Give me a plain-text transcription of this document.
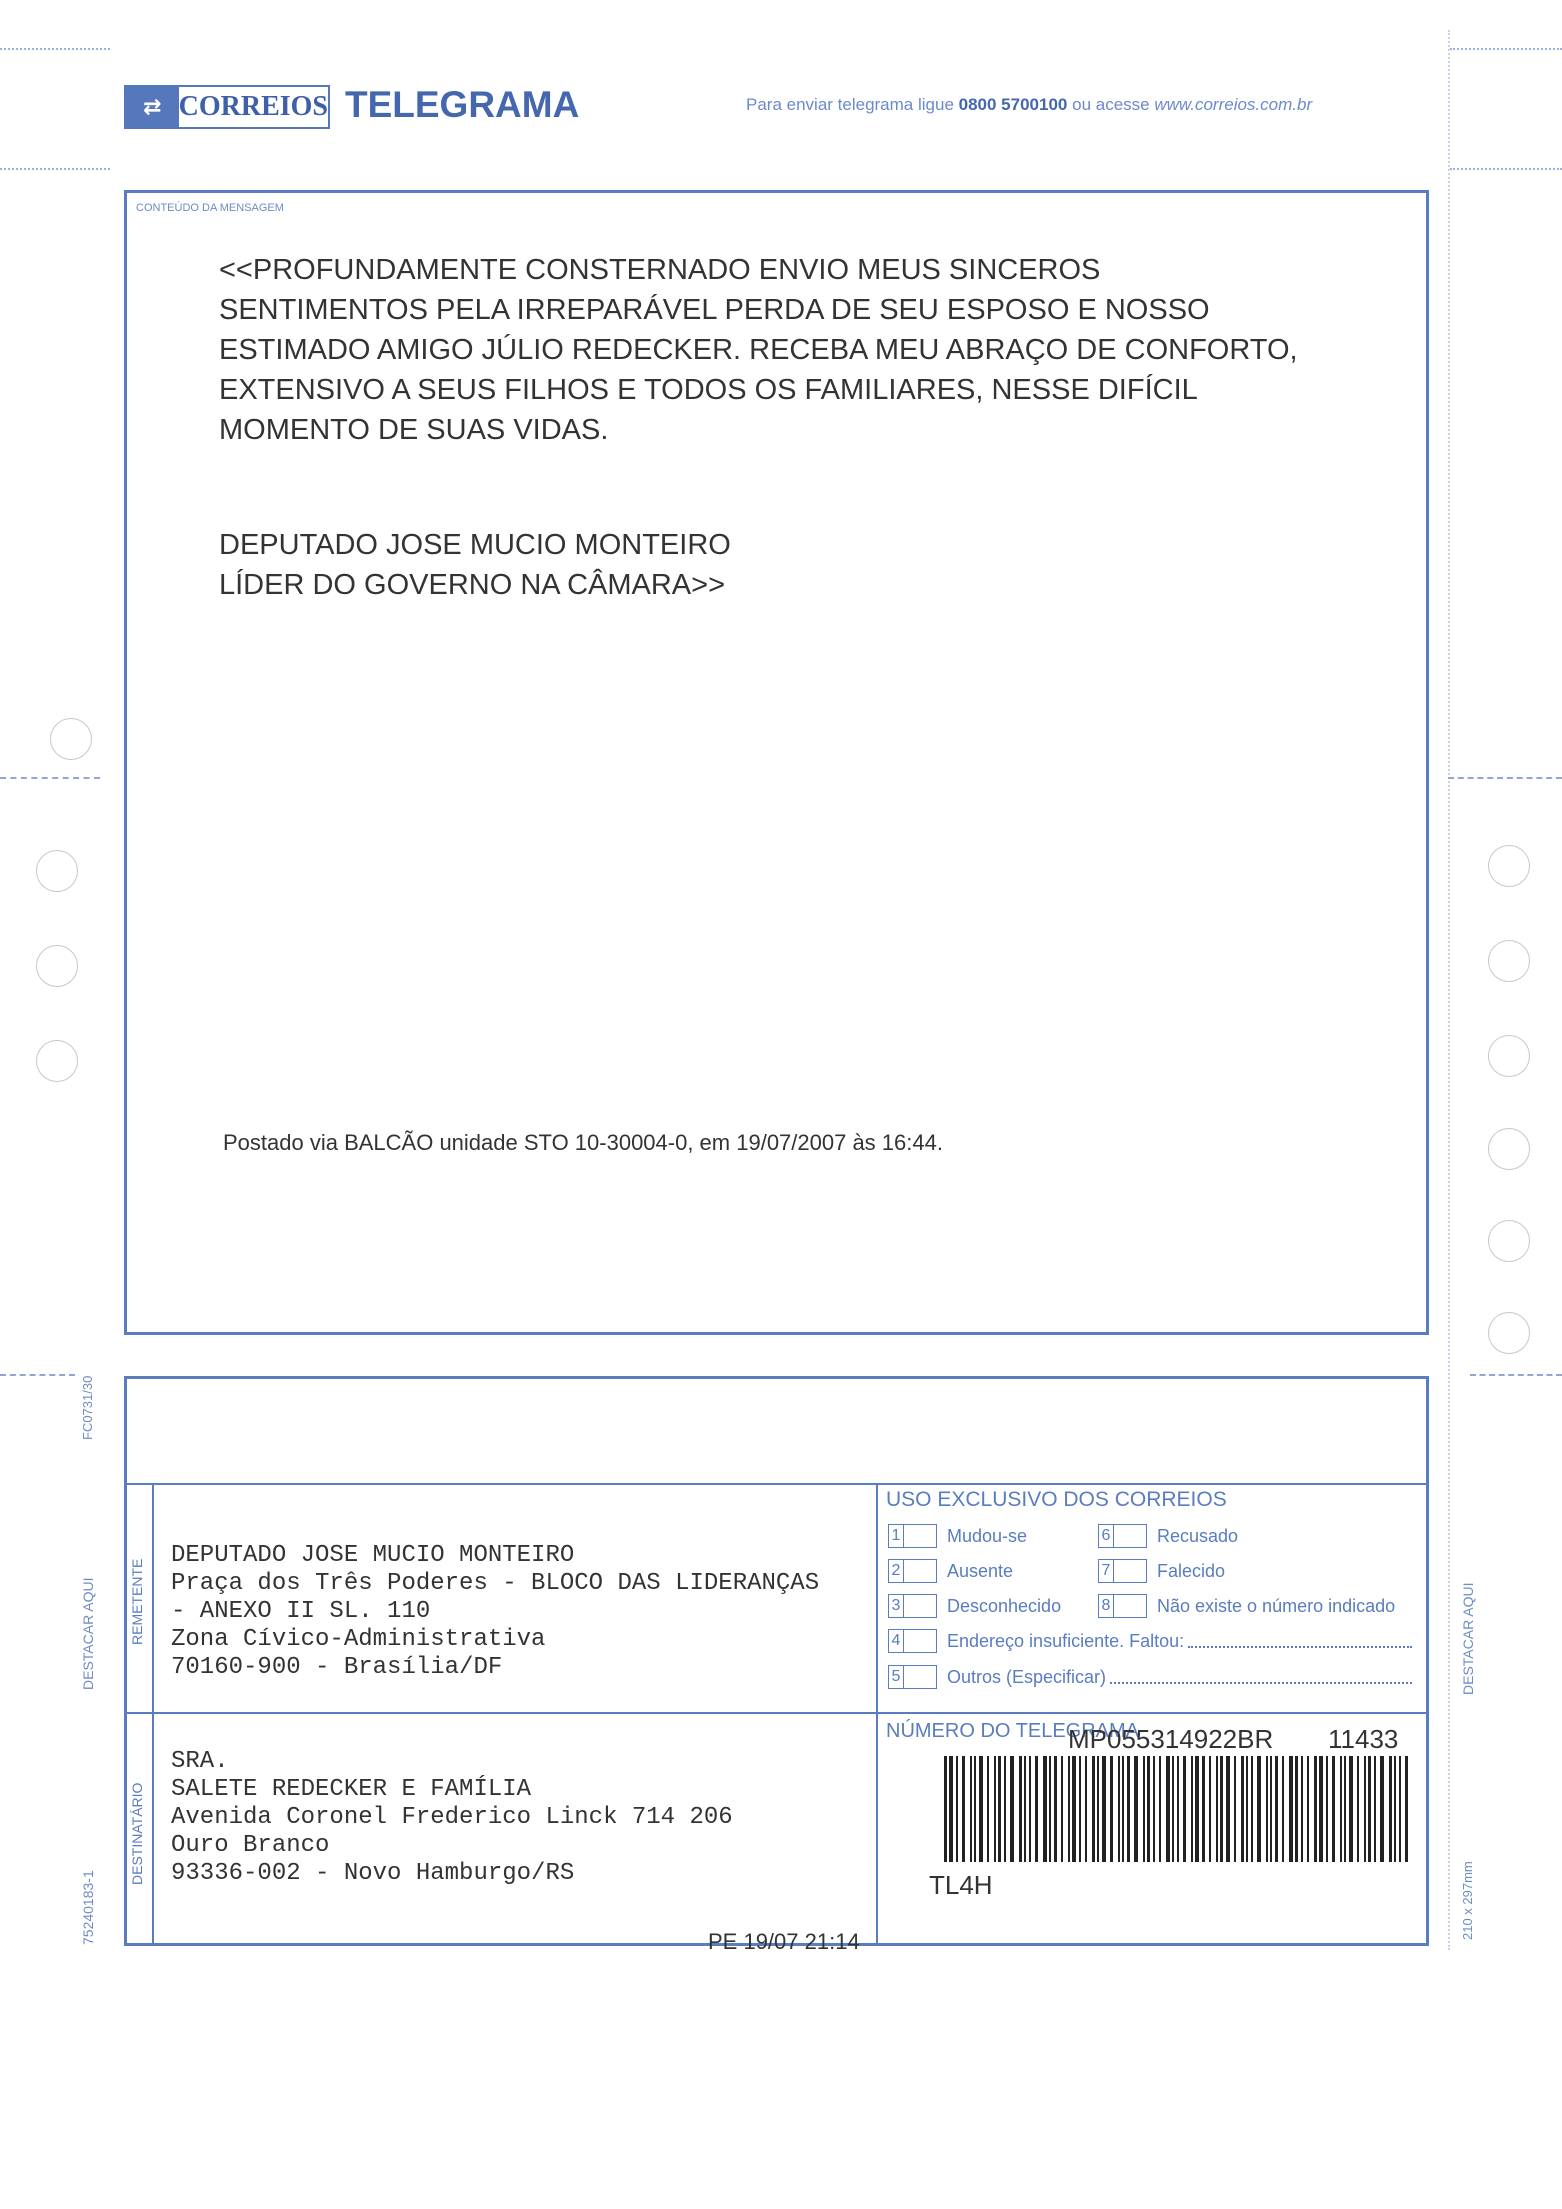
FC0731/30
DESTACAR AQUI
75240183-1
DESTACAR AQUI
210 x 297mm
⇄ CORREIOS TELEGRAMA	Para enviar telegrama ligue 0800 5700100 ou acesse www.correios.com.br
CONTEÚDO DA MENSAGEM
<<PROFUNDAMENTE CONSTERNADO ENVIO MEUS SINCEROS
SENTIMENTOS PELA IRREPARÁVEL PERDA DE SEU ESPOSO E NOSSO
ESTIMADO AMIGO JÚLIO REDECKER. RECEBA MEU ABRAÇO DE CONFORTO,
EXTENSIVO A SEUS FILHOS E TODOS OS FAMILIARES, NESSE DIFÍCIL
MOMENTO DE SUAS VIDAS.
DEPUTADO JOSE MUCIO MONTEIRO
LÍDER DO GOVERNO NA CÂMARA>>
Postado via BALCÃO unidade STO 10-30004-0, em 19/07/2007 às 16:44.
REMETENTE
DESTINATÁRIO

DEPUTADO JOSE MUCIO MONTEIRO
Praça dos Três Poderes - BLOCO DAS LIDERANÇAS
- ANEXO II SL. 110
Zona Cívico-Administrativa
70160-900 - Brasília/DF

SRA.
SALETE REDECKER E FAMÍLIA
Avenida Coronel Frederico Linck 714 206
Ouro Branco
93336-002 - Novo Hamburgo/RS

USO EXCLUSIVO DOS CORREIOS
1	Mudou-se	6	Recusado
2	Ausente	7	Falecido
3	Desconhecido	8	Não existe o número indicado
4	Endereço insuficiente. Faltou:
5	Outros (Especificar)
NÚMERO DO TELEGRAMA
MP055314922BR 11433
TL4H
PE 19/07 21:14
